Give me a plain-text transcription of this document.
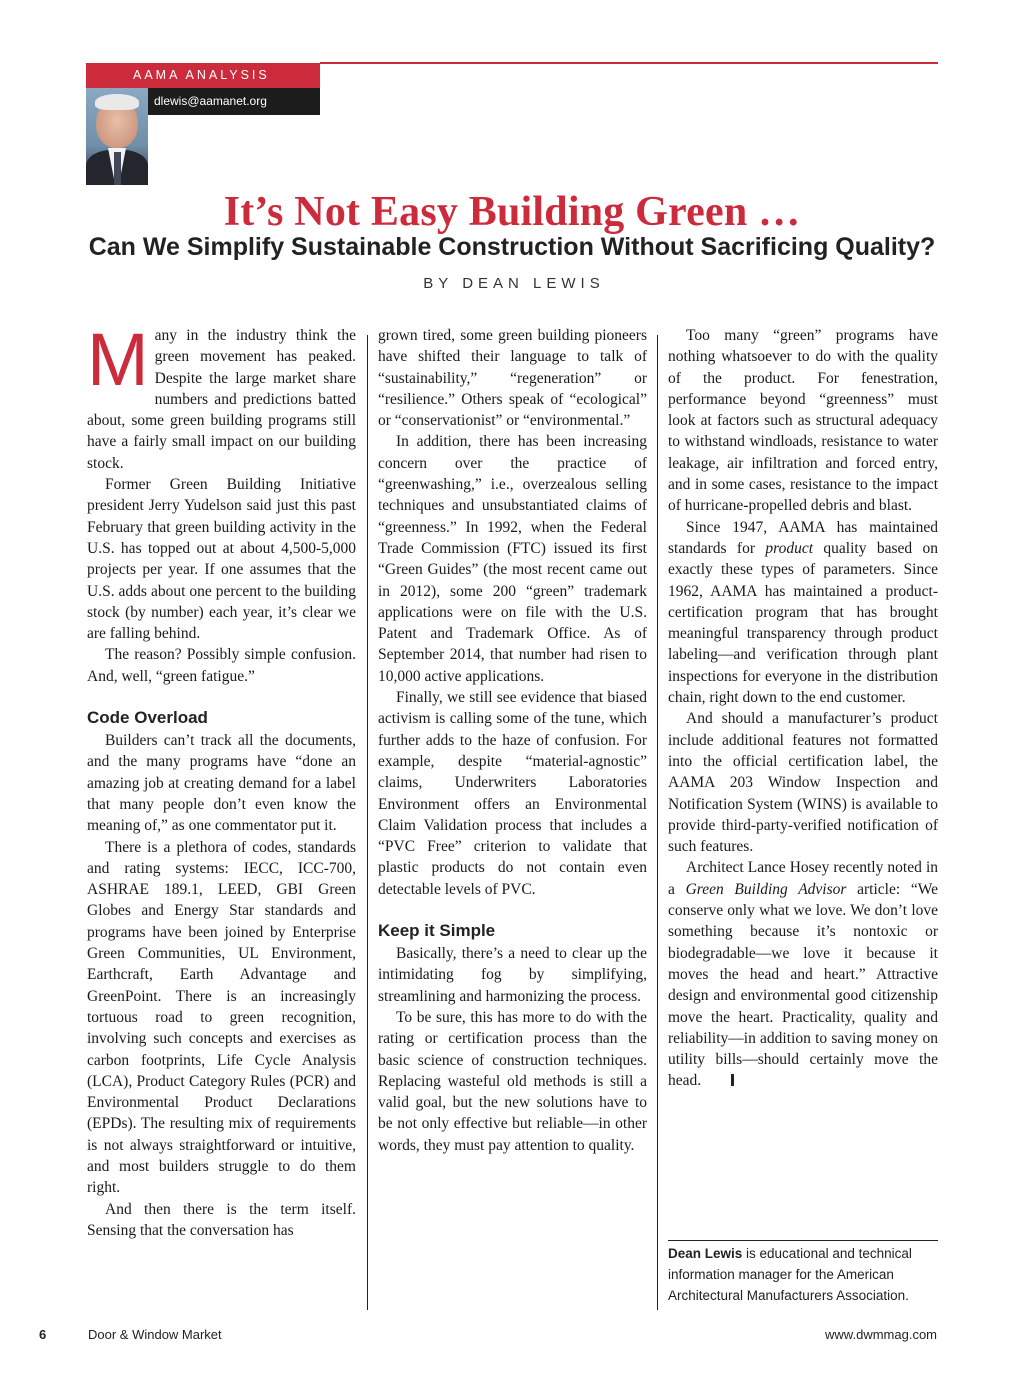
AAMA ANALYSIS
dlewis@aamanet.org
It’s Not Easy Building Green …
Can We Simplify Sustainable Construction Without Sacrificing Quality?
BY DEAN LEWIS

Many in the industry think the green movement has peaked. Despite the large market share numbers and predictions batted about, some green building programs still have a fairly small impact on our building stock.

Former Green Building Initiative president Jerry Yudelson said just this past February that green building activity in the U.S. has topped out at about 4,500-5,000 projects per year. If one assumes that the U.S. adds about one percent to the building stock (by number) each year, it’s clear we are falling behind.

The reason? Possibly simple confusion. And, well, “green fatigue.”

Code Overload

Builders can’t track all the documents, and the many programs have “done an amazing job at creating demand for a label that many people don’t even know the meaning of,” as one commentator put it.

There is a plethora of codes, standards and rating systems: IECC, ICC-700, ASHRAE 189.1, LEED, GBI Green Globes and Energy Star standards and programs have been joined by Enterprise Green Communities, UL Environment, Earthcraft, Earth Advantage and GreenPoint. There is an increasingly tortuous road to green recognition, involving such concepts and exercises as carbon footprints, Life Cycle Analysis (LCA), Product Category Rules (PCR) and Environmental Product Declarations (EPDs). The resulting mix of requirements is not always straightforward or intuitive, and most builders struggle to do them right.

And then there is the term itself. Sensing that the conversation has

grown tired, some green building pioneers have shifted their language to talk of “sustainability,” “regeneration” or “resilience.” Others speak of “ecological” or “conservationist” or “environmental.”

In addition, there has been increasing concern over the practice of “greenwashing,” i.e., overzealous selling techniques and unsubstantiated claims of “greenness.” In 1992, when the Federal Trade Commission (FTC) issued its first “Green Guides” (the most recent came out in 2012), some 200 “green” trademark applications were on file with the U.S. Patent and Trademark Office. As of September 2014, that number had risen to 10,000 active applications.

Finally, we still see evidence that biased activism is calling some of the tune, which further adds to the haze of confusion. For example, despite “material-agnostic” claims, Underwriters Laboratories Environment offers an Environmental Claim Validation process that includes a “PVC Free” criterion to validate that plastic products do not contain even detectable levels of PVC.

Keep it Simple

Basically, there’s a need to clear up the intimidating fog by simplifying, streamlining and harmonizing the process.

To be sure, this has more to do with the rating or certification process than the basic science of construction techniques. Replacing wasteful old methods is still a valid goal, but the new solutions have to be not only effective but reliable—in other words, they must pay attention to quality.

Too many “green” programs have nothing whatsoever to do with the quality of the product. For fenestration, performance beyond “greenness” must look at factors such as structural adequacy to withstand windloads, resistance to water leakage, air infiltration and forced entry, and in some cases, resistance to the impact of hurricane-propelled debris and blast.

Since 1947, AAMA has maintained standards for product quality based on exactly these types of parameters. Since 1962, AAMA has maintained a product-certification program that has brought meaningful transparency through product labeling—and verification through plant inspections for everyone in the distribution chain, right down to the end customer.

And should a manufacturer’s product include additional features not formatted into the official certification label, the AAMA 203 Window Inspection and Notification System (WINS) is available to provide third-party-verified notification of such features.

Architect Lance Hosey recently noted in a Green Building Advisor article: “We conserve only what we love. We don’t love something because it’s nontoxic or biodegradable—we love it because it moves the head and heart.” Attractive design and environmental good citizenship move the heart. Practicality, quality and reliability—in addition to saving money on utility bills—should certainly move the head.

Dean Lewis is educational and technical information manager for the American Architectural Manufacturers Association.
6	Door & Window Market	www.dwmmag.com
